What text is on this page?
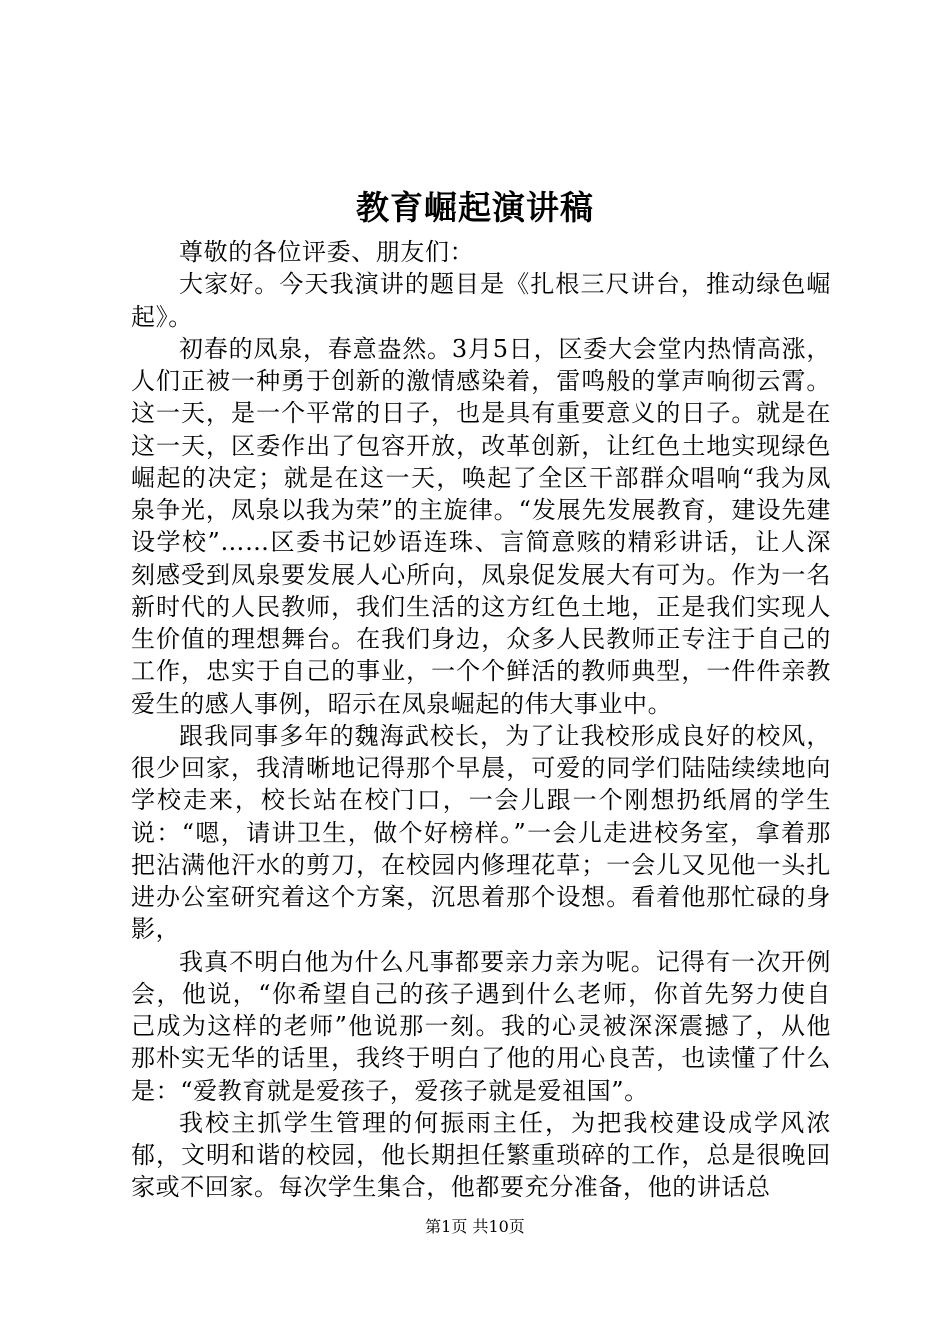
教育崛起演讲稿

尊敬的各位评委、朋友们：

大家好。今天我演讲的题目是《扎根三尺讲台，推动绿色崛起》。

初春的凤泉，春意盎然。3月5日，区委大会堂内热情高涨，人们正被一种勇于创新的激情感染着，雷鸣般的掌声响彻云霄。这一天，是一个平常的日子，也是具有重要意义的日子。就是在这一天，区委作出了包容开放，改革创新，让红色土地实现绿色崛起的决定；就是在这一天，唤起了全区干部群众唱响“我为凤泉争光，凤泉以我为荣”的主旋律。“发展先发展教育，建设先建设学校”……区委书记妙语连珠、言简意赅的精彩讲话，让人深刻感受到凤泉要发展人心所向，凤泉促发展大有可为。作为一名新时代的人民教师，我们生活的这方红色土地，正是我们实现人生价值的理想舞台。在我们身边，众多人民教师正专注于自己的工作，忠实于自己的事业，一个个鲜活的教师典型，一件件亲教爱生的感人事例，昭示在凤泉崛起的伟大事业中。

跟我同事多年的魏海武校长，为了让我校形成良好的校风，很少回家，我清晰地记得那个早晨，可爱的同学们陆陆续续地向学校走来，校长站在校门口，一会儿跟一个刚想扔纸屑的学生说：“嗯，请讲卫生，做个好榜样。”一会儿走进校务室，拿着那把沾满他汗水的剪刀，在校园内修理花草；一会儿又见他一头扎进办公室研究着这个方案，沉思着那个设想。看着他那忙碌的身影，

我真不明白他为什么凡事都要亲力亲为呢。记得有一次开例会，他说，“你希望自己的孩子遇到什么老师，你首先努力使自己成为这样的老师”他说那一刻。我的心灵被深深震撼了，从他那朴实无华的话里，我终于明白了他的用心良苦，也读懂了什么是：“爱教育就是爱孩子，爱孩子就是爱祖国”。

我校主抓学生管理的何振雨主任，为把我校建设成学风浓郁，文明和谐的校园，他长期担任繁重琐碎的工作，总是很晚回家或不回家。每次学生集合，他都要充分准备，他的讲话总

第1页 共10页
